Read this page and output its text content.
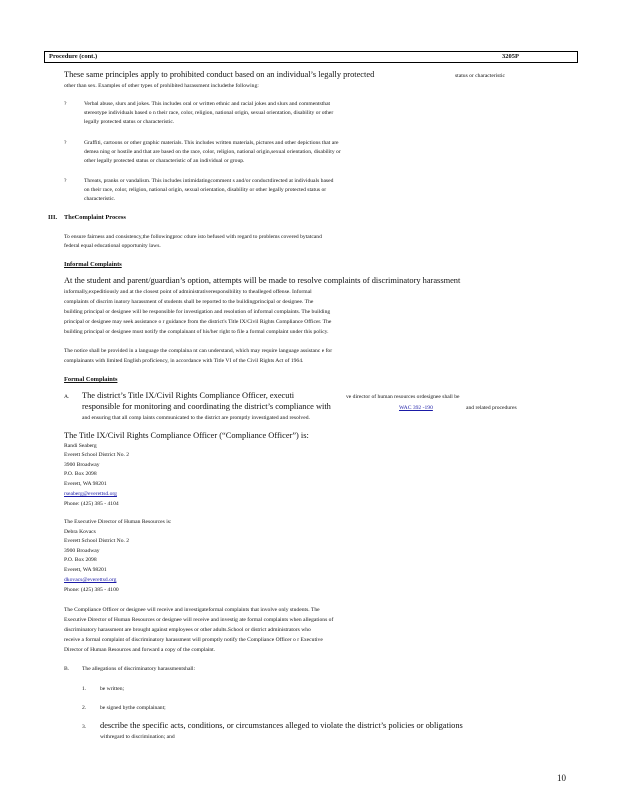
Procedure (cont.)	3205P
These same principles apply to prohibited conduct based on an individual’s legally protected	status or characteristic
other than sex. Examples of other types of prohibited harassment includethe following:
?	Verbal abuse, slurs and jokes. This includes oral or written ethnic and racial jokes and slurs and commentsthat
stereotype individuals based o n their race, color, religion, national origin, sexual orientation, disability or other
legally protected status or characteristic.
?	Graffiti, cartoons or other graphic materials. This includes written materials, pictures and other depictions that are
demea ning or hostile and that are based on the race, color, religion, national origin,sexual orientation, disability or
other legally protected status or characteristic of an individual or group.
?	Threats, pranks or vandalism. This includes intimidatingcomment s and/or conductdirected at individuals based
on their race, color, religion, national origin, sexual orientation, disability or other legally protected status or
characteristic.
III. TheComplaint Process
To ensure fairness and consistency,the followingproc cdure isto befused with regard to problems covered bytatcand
federal equal educational opportunity laws.
Informal Complaints
At the student and parent/guardian’s option, attempts will be made to resolve complaints of discriminatory harassment
informally,expeditiously and at the closest point of administrativeresponsibility to thealleged offense. Informal
complaints of discrim inatory harassment of students shall be reported to the buildingprincipal or designee. The
building principal or designee will be responsible for investigation and resolution of informal complaints. The building
principal or designee may seek assistance o r guidance from the district's Title IX/Civil Rights Compliance Officer. The
building principal or designee must notify the complainant of his/her right to file a formal complaint under this policy.
The notice shall be provided in a language the complaina nt can understand, which may require language assistanc e for
complainants with limited English proficiency, in accordance with Title VI of the Civil Rights Act of 1964.
Formal Complaints
A. The district’s Title IX/Civil Rights Compliance Officer, executi	ve director of human resources ordesignee shall be
responsible for monitoring and coordinating the district’s compliance with	WAC 392 -190	and related procedures
and ensuring that all comp laints communicated to the district are promptly investigated and resolved.
The Title IX/Civil Rights Compliance Officer (“Compliance Officer”) is:
Randi Seaberg
Everett School District No. 2
3900 Broadway
P.O. Box 2098
Everett, WA 98201
rseaberg@everettsd.org
Phone: (425) 385 - 4104
The Executive Director of Human Resources is:
Debra Kovacs
Everett School District No. 2
3900 Broadway
P.O. Box 2098
Everett, WA 98201
dkovacs@everettsd.org
Phone: (425) 385 - 4100
The Compliance Officer or designee will receive and investigateformal complaints that involve only students. The
Executive Director of Human Resources or designee will receive and investig ate formal complaints when allegations of
discriminatory harassment are brought against employees or other adults.School or district administrators who
receive a formal complaint of discriminatory harassment will promptly notify the Compliance Officer o r Executive
Director of Human Resources and forward a copy of the complaint.
B. The allegations of discriminatory harassmentshall:
1. be written;
2. be signed bythe complainant;
3. describe the specific acts, conditions, or circumstances alleged to violate the district’s policies or obligations
withregard to discrimination; and
10
